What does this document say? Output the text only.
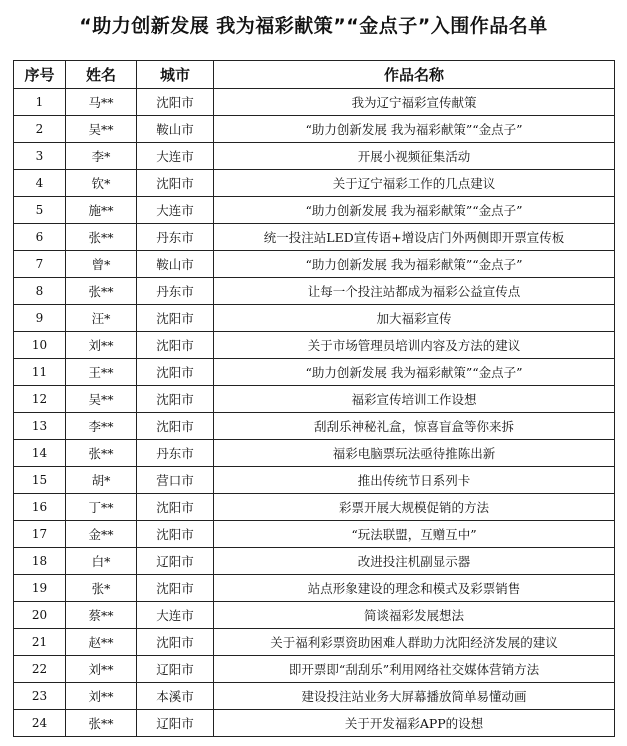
“助力创新发展 我为福彩献策”“金点子”入围作品名单
序号	姓名	城市	作品名称
1	马**	沈阳市	我为辽宁福彩宣传献策
2	吴**	鞍山市	“助力创新发展 我为福彩献策”“金点子”
3	李*	大连市	开展小视频征集活动
4	钦*	沈阳市	关于辽宁福彩工作的几点建议
5	施**	大连市	“助力创新发展 我为福彩献策”“金点子”
6	张**	丹东市	统一投注站LED宣传语+增设店门外两侧即开票宣传板
7	曾*	鞍山市	“助力创新发展 我为福彩献策”“金点子”
8	张**	丹东市	让每一个投注站都成为福彩公益宣传点
9	汪*	沈阳市	加大福彩宣传
10	刘**	沈阳市	关于市场管理员培训内容及方法的建议
11	王**	沈阳市	“助力创新发展 我为福彩献策”“金点子”
12	吴**	沈阳市	福彩宣传培训工作设想
13	李**	沈阳市	刮刮乐神秘礼盒，惊喜盲盒等你来拆
14	张**	丹东市	福彩电脑票玩法亟待推陈出新
15	胡*	营口市	推出传统节日系列卡
16	丁**	沈阳市	彩票开展大规模促销的方法
17	金**	沈阳市	“玩法联盟，互赠互中”
18	白*	辽阳市	改进投注机副显示器
19	张*	沈阳市	站点形象建设的理念和模式及彩票销售
20	蔡**	大连市	简谈福彩发展想法
21	赵**	沈阳市	关于福利彩票资助困难人群助力沈阳经济发展的建议
22	刘**	辽阳市	即开票即“刮刮乐”利用网络社交媒体营销方法
23	刘**	本溪市	建设投注站业务大屏幕播放简单易懂动画
24	张**	辽阳市	关于开发福彩APP的设想
